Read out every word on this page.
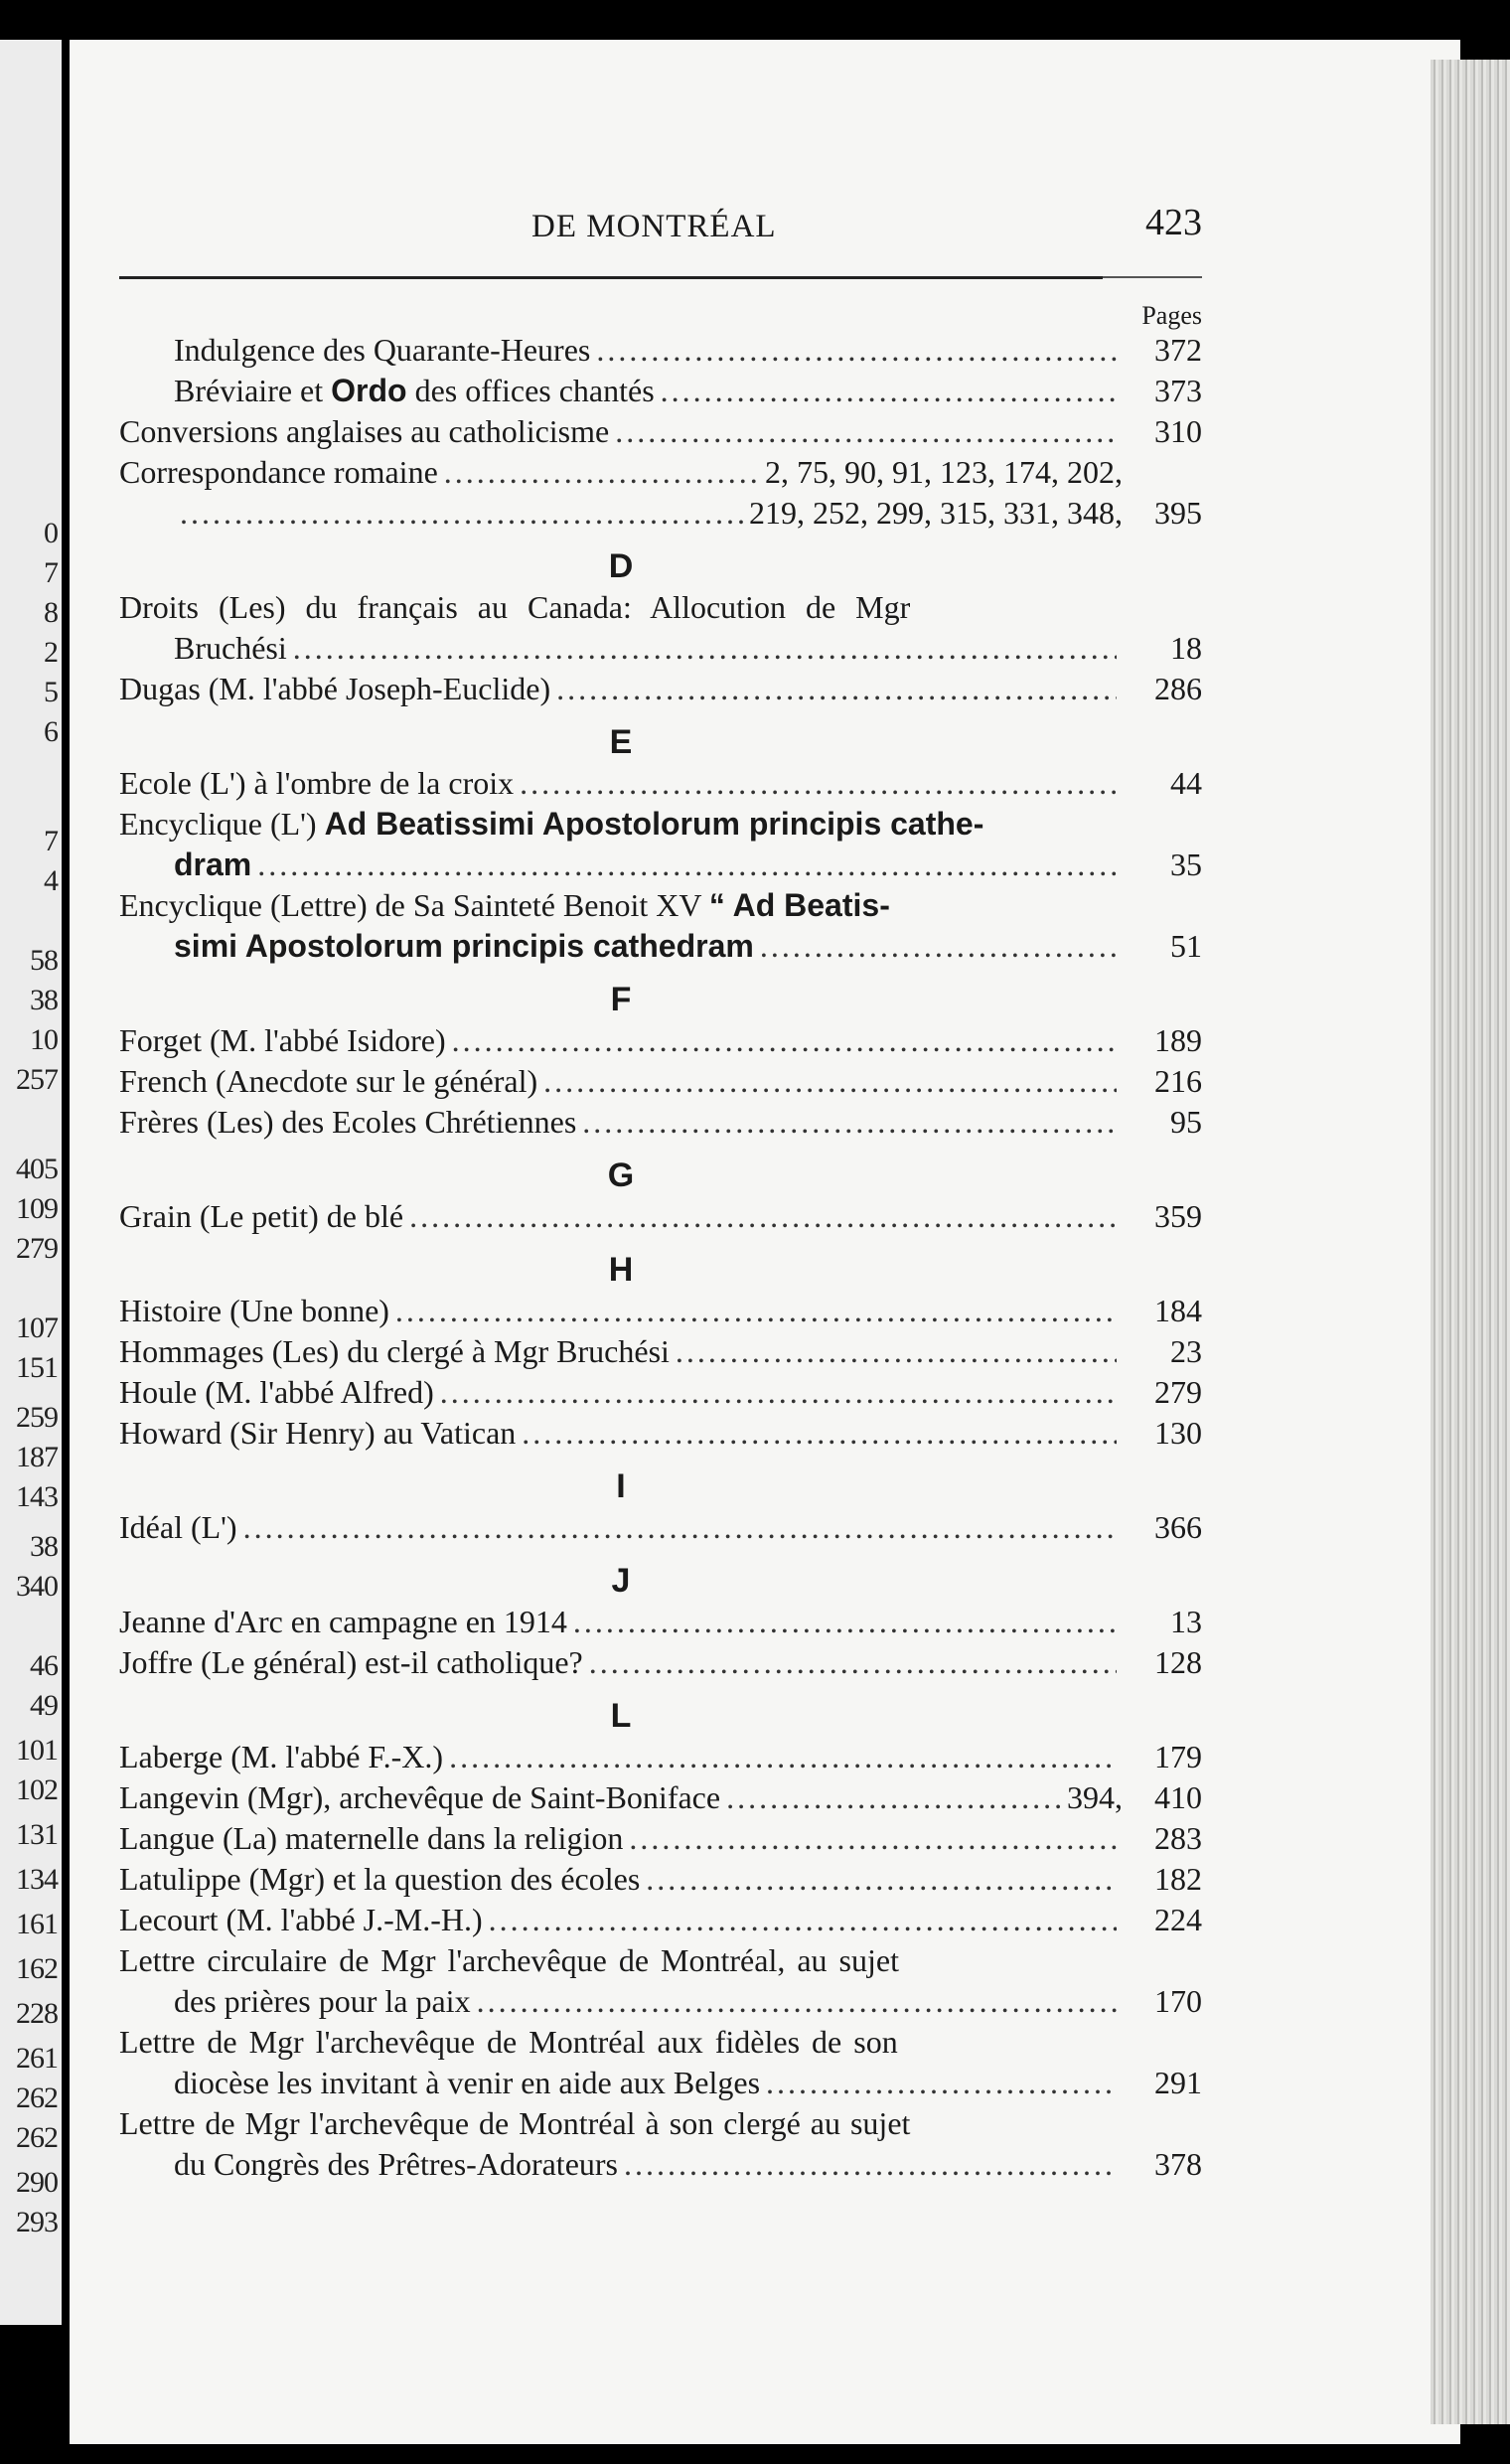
0
7
8
2
5
6
7
4
58
38
10
257
405
109
279
107
151
259
187
143
38
340
46
49
101
102
131
134
161
162
228
261
262
262
290
293
DE MONTRÉAL	423
Pages
Indulgence des Quarante-Heures .....	372
Bréviaire et Ordo des offices chantés .....	373
Conversions anglaises au catholicisme .....	310
Correspondance romaine .....	2, 75, 90, 91, 123, 174, 202,
.....
219, 252, 299, 315, 331, 348,	395
D
Droits (Les) du français au Canada: Allocution de Mgr
Bruchési .....	18
Dugas (M. l'abbé Joseph-Euclide) .....	286
E
Ecole (L') à l'ombre de la croix .....	44
Encyclique (L') Ad Beatissimi Apostolorum principis cathe-
dram .....	35
Encyclique (Lettre) de Sa Sainteté Benoit XV “ Ad Beatis-
simi Apostolorum principis cathedram .....	51
F
Forget (M. l'abbé Isidore) .....	189
French (Anecdote sur le général) .....	216
Frères (Les) des Ecoles Chrétiennes .....	95
G
Grain (Le petit) de blé .....	359
H
Histoire (Une bonne) .....	184
Hommages (Les) du clergé à Mgr Bruchési .....	23
Houle (M. l'abbé Alfred) .....	279
Howard (Sir Henry) au Vatican .....	130
I
Idéal (L') .....	366
J
Jeanne d'Arc en campagne en 1914 .....	13
Joffre (Le général) est-il catholique? .....	128
L
Laberge (M. l'abbé F.-X.) .....	179
Langevin (Mgr), archevêque de Saint-Boniface .....	394,	410
Langue (La) maternelle dans la religion .....	283
Latulippe (Mgr) et la question des écoles .....	182
Lecourt (M. l'abbé J.-M.-H.) .....	224
Lettre circulaire de Mgr l'archevêque de Montréal, au sujet
des prières pour la paix .....	170
Lettre de Mgr l'archevêque de Montréal aux fidèles de son
diocèse les invitant à venir en aide aux Belges .....	291
Lettre de Mgr l'archevêque de Montréal à son clergé au sujet
du Congrès des Prêtres-Adorateurs .....	378
